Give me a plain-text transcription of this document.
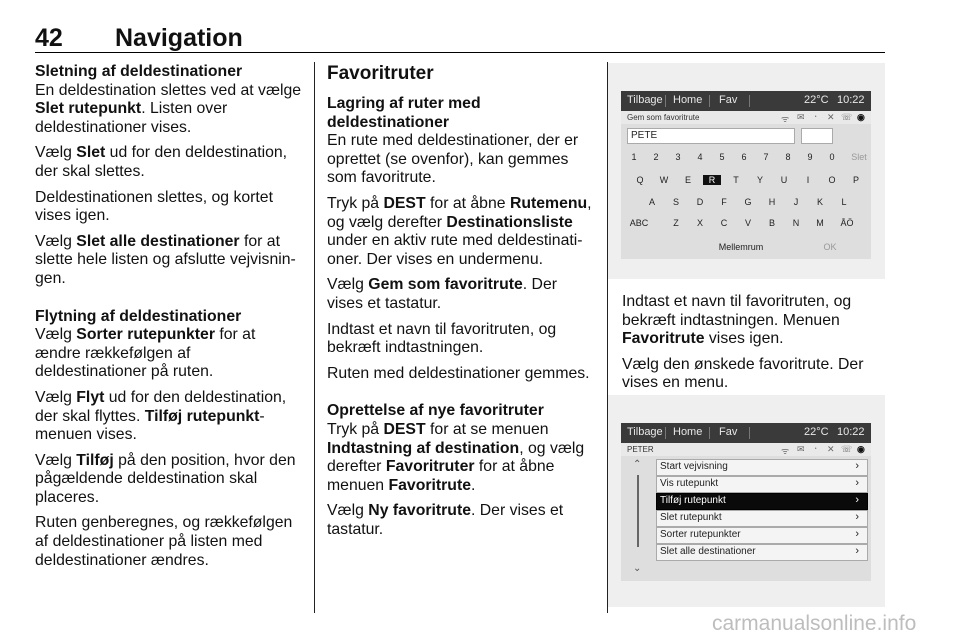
42 Navigation
Sletning af deldestinationer

En deldestination slettes ved at vælge Slet rutepunkt. Listen over deldestinationer vises.

Vælg Slet ud for den deldestination, der skal slettes.

Deldestinationen slettes, og kortet vises igen.

Vælg Slet alle destinationer for at slette hele listen og afslutte vejvisningen.

Flytning af deldestinationer

Vælg Sorter rutepunkter for at ændre rækkefølgen af deldestinationer på ruten.

Vælg Flyt ud for den deldestination, der skal flyttes. Tilføj rutepunkt-menuen vises.

Vælg Tilføj på den position, hvor den pågældende deldestination skal placeres.

Ruten genberegnes, og rækkefølgen af deldestinationer på listen med deldestinationer ændres.

Favoritruter
Lagring af ruter med deldestinationer

En rute med deldestinationer, der er oprettet (se ovenfor), kan gemmes som favoritrute.

Tryk på DEST for at åbne Rutemenu, og vælg derefter Destinationsliste under en aktiv rute med deldestinationer. Der vises en undermenu.

Vælg Gem som favoritrute. Der vises et tastatur.

Indtast et navn til favoritruten, og bekræft indtastningen.

Ruten med deldestinationer gemmes.

Oprettelse af nye favoritruter

Tryk på DEST for at se menuen Indtastning af destination, og vælg derefter Favoritruter for at åbne menuen Favoritrute.

Vælg Ny favoritrute. Der vises et tastatur.

Indtast et navn til favoritruten, og bekræft indtastningen. Menuen Favoritrute vises igen.

Vælg den ønskede favoritrute. Der vises en menu.

Tilbage Home Fav	22°C 10:22
Gem som favoritrute	ᯤ ✉ ᛫ ✕ ☏ ◉
PETE
1	2	3	4	5	6	7	8	9	0	Slet
Q	W	E	R	T	Y	U	I	O	P
A	S	D	F	G	H	J	K	L
ABC	Z	X	C	V	B	N	M	ÅÖ
Mellemrum	OK
Tilbage Home Fav	22°C 10:22
PETER	ᯤ ✉ ᛫ ✕ ☏ ◉
⌃
⌄
Start vejvisning	›
Vis rutepunkt	›
Tilføj rutepunkt	›
Slet rutepunkt	›
Sorter rutepunkter	›
Slet alle destinationer	›
carmanualsonline.info
